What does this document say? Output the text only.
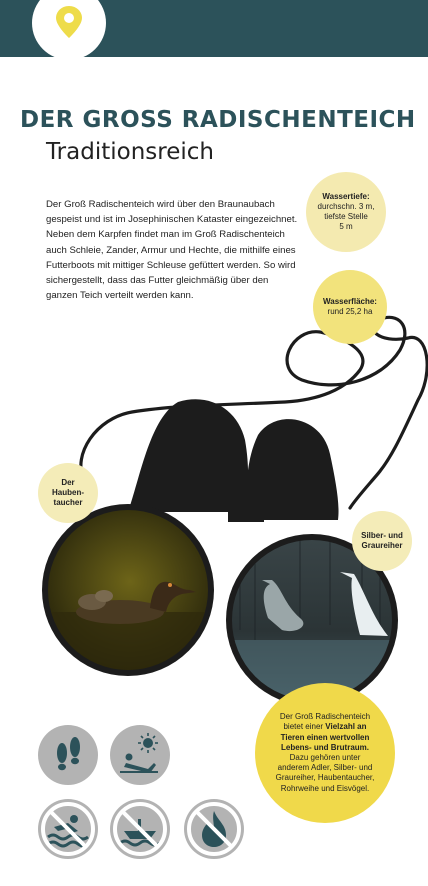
DER GROSS RADISCHENTEICH
Traditionsreich

Der Groß Radischenteich wird über den Braunaubach gespeist und ist im Josephinischen Kataster eingezeichnet.

Neben dem Karpfen findet man im Groß Radischenteich auch Schleie, Zander, Armur und Hechte, die mithilfe eines Futterboots mit mittiger Schleuse gefüttert werden. So wird sichergestellt, dass das Futter gleichmäßig über den ganzen Teich verteilt werden kann.

Wassertiefe:
durchschn. 3 m,
tiefste Stelle
5 m
Wasserfläche:
rund 25,2 ha
Der
Hauben-
taucher
Silber- und
Graureiher
Der Groß Radischenteich bietet einer Vielzahl an Tieren einen wertvollen Lebens- und Brutraum. Dazu gehören unter anderem Adler, Silber- und Graureiher, Haubentaucher, Rohrweihe und Eisvögel.
